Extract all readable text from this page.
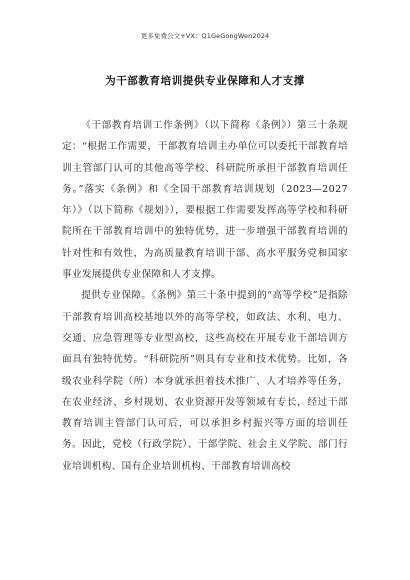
更多免费公文+VX：Q1GeGongWen2024
为干部教育培训提供专业保障和人才支撑

《干部教育培训工作条例》（以下简称《条例》）第三十条规定：“根据工作需要，干部教育培训主办单位可以委托干部教育培训主管部门认可的其他高等学校、科研院所承担干部教育培训任务。”落实《条例》和《全国干部教育培训规划（2023—2027年）》（以下简称《规划》），要根据工作需要发挥高等学校和科研院所在干部教育培训中的独特优势，进一步增强干部教育培训的针对性和有效性，为高质量教育培训干部、高水平服务党和国家事业发展提供专业保障和人才支撑。

提供专业保障。《条例》第三十条中提到的“高等学校”是指除干部教育培训高校基地以外的高等学校，如政法、水利、电力、交通、应急管理等专业型高校，这些高校在开展专业干部培训方面具有独特优势。“科研院所”则具有专业和技术优势。比如，各级农业科学院（所）本身就承担着技术推广、人才培养等任务，在农业经济、乡村规划、农业资源开发等领域有专长，经过干部教育培训主管部门认可后，可以承担乡村振兴等方面的培训任务。因此，党校（行政学院）、干部学院、社会主义学院、部门行业培训机构、国有企业培训机构、干部教育培训高校
